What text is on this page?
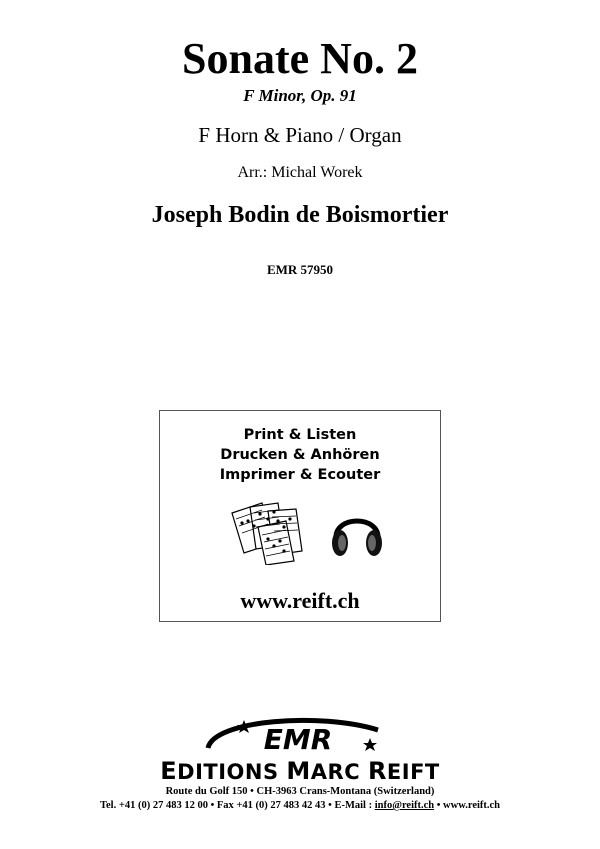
Sonate No. 2
F Minor, Op. 91
F Horn & Piano / Organ
Arr.: Michal Worek
Joseph Bodin de Boismortier
EMR 57950
Print & Listen
Drucken & Anhören
Imprimer & Ecouter
www.reift.ch
EMR
EDITIONS MARC REIFT
Route du Golf 150 • CH-3963 Crans-Montana (Switzerland)
Tel. +41 (0) 27 483 12 00 • Fax +41 (0) 27 483 42 43 • E-Mail : info@reift.ch • www.reift.ch
